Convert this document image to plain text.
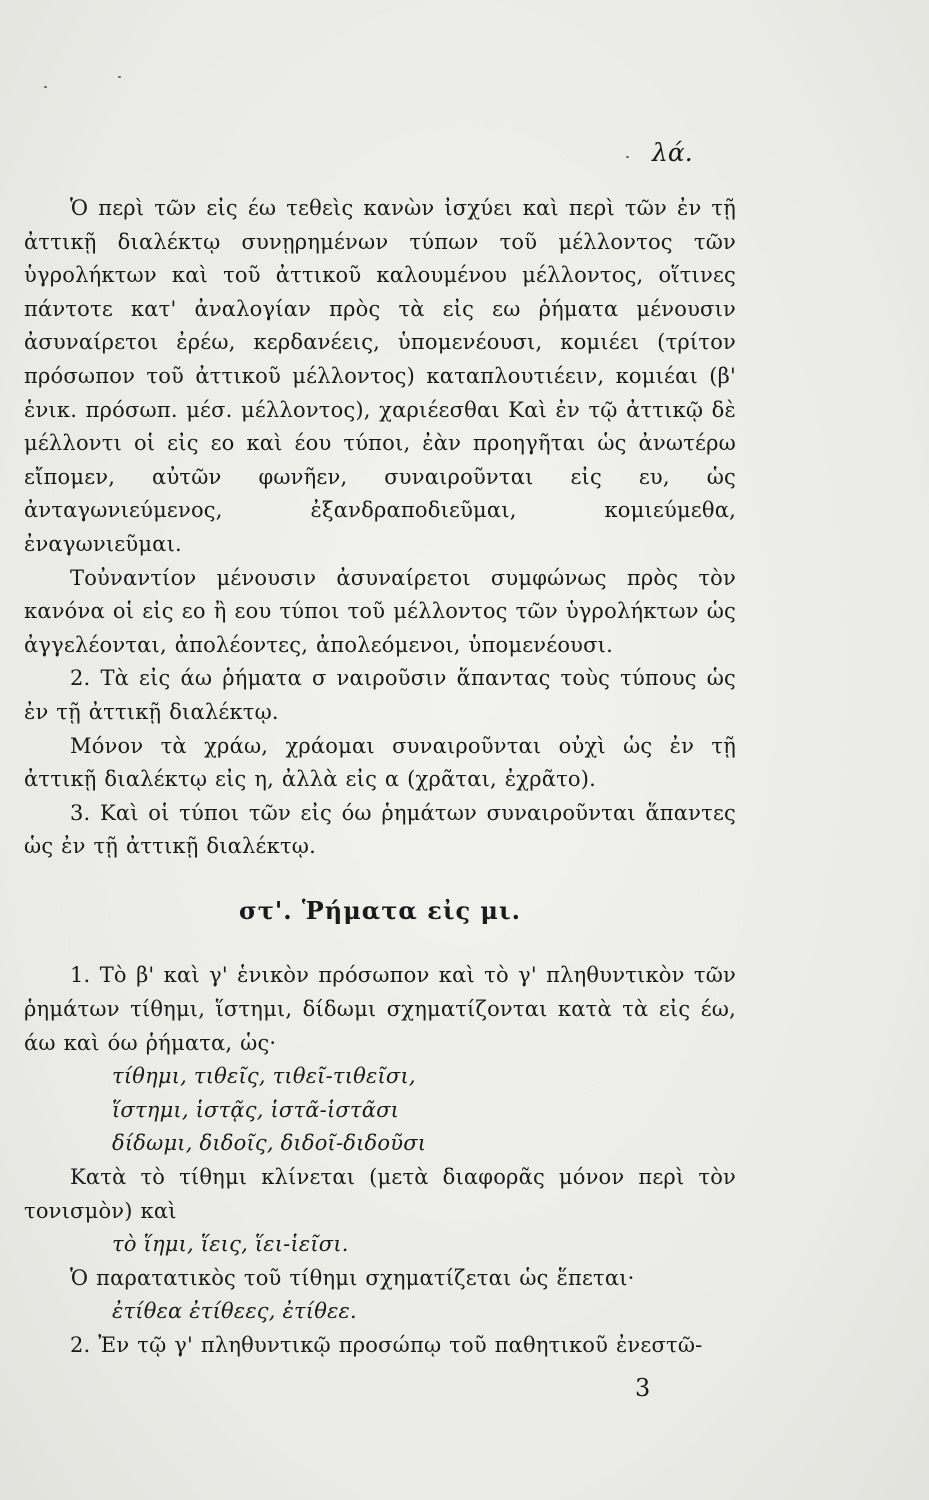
λά.

Ὁ περὶ τῶν εἰς έω τεθεὶς κανὼν ἰσχύει καὶ περὶ τῶν ἐν τῇ ἀττικῇ διαλέκτῳ συνῃρημένων τύπων τοῦ μέλλοντος τῶν ὑγρολήκτων καὶ τοῦ ἀττικοῦ καλουμένου μέλλοντος, οἵτινες πάντοτε κατ' ἀναλογίαν πρὸς τὰ εἰς εω ῥήματα μένουσιν ἀσυναίρετοι ἐρέω, κερδανέεις, ὑπομενέουσι, κομιέει (τρίτον πρόσωπον τοῦ ἀττικοῦ μέλλοντος) καταπλουτιέειν, κομιέαι (β' ἑνικ. πρόσωπ. μέσ. μέλλοντος), χαριέεσθαι Καὶ ἐν τῷ ἀττικῷ δὲ μέλλοντι οἱ εἰς εο καὶ έου τύποι, ἐὰν προηγῆται ὡς ἀνωτέρω εἴπομεν, αὐτῶν φωνῆεν, συναιροῦνται εἰς ευ, ὡς ἀνταγωνιεύμενος, ἐξανδραποδιεῦμαι, κομιεύμεθα, ἐναγωνιεῦμαι.

Τοὐναντίον μένουσιν ἀσυναίρετοι συμφώνως πρὸς τὸν κανόνα οἱ εἰς εο ἢ εου τύποι τοῦ μέλλοντος τῶν ὑγρολήκτων ὡς ἀγγελέονται, ἀπολέοντες, ἀπολεόμενοι, ὑπομενέουσι.

2. Τὰ εἰς άω ῥήματα σ ναιροῦσιν ἅπαντας τοὺς τύπους ὡς ἐν τῇ ἀττικῇ διαλέκτῳ.

Μόνον τὰ χράω, χράομαι συναιροῦνται οὐχὶ ὡς ἐν τῇ ἀττικῇ διαλέκτῳ εἰς η, ἀλλὰ εἰς α (χρᾶται, ἐχρᾶτο).

3. Καὶ οἱ τύποι τῶν εἰς όω ῥημάτων συναιροῦνται ἅπαντες ὡς ἐν τῇ ἀττικῇ διαλέκτῳ.

στ'. Ῥήματα εἰς μι.

1. Τὸ β' καὶ γ' ἑνικὸν πρόσωπον καὶ τὸ γ' πληθυντικὸν τῶν ῥημάτων τίθημι, ἵστημι, δίδωμι σχηματίζονται κατὰ τὰ εἰς έω, άω καὶ όω ῥήματα, ὡς·

τίθημι, τιθεῖς, τιθεῖ-τιθεῖσι,
ἵστημι, ἱστᾷς, ἱστᾶ-ἱστᾶσι
δίδωμι, διδοῖς, διδοῖ-διδοῦσι

Κατὰ τὸ τίθημι κλίνεται (μετὰ διαφορᾶς μόνον περὶ τὸν τονισμὸν) καὶ

τὸ ἵημι, ἵεις, ἵει-ἱεῖσι.

Ὁ παρατατικὸς τοῦ τίθημι σχηματίζεται ὡς ἕπεται·

ἐτίθεα ἐτίθεες, ἐτίθεε.

2. Ἐν τῷ γ' πληθυντικῷ προσώπῳ τοῦ παθητικοῦ ἐνεστῶ-

3
